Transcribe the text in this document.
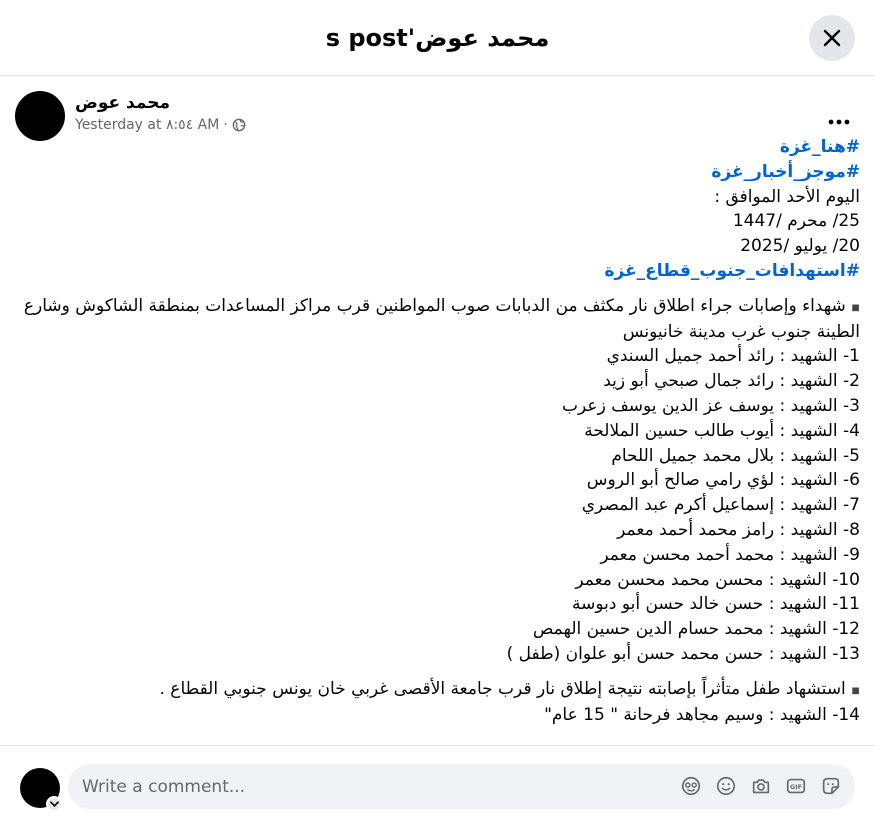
محمد عوض's post
محمد عوض
Yesterday at ٨:٥٤ AM ·
#هنا_غزة
#موجز_أخبار_غزة
اليوم الأحد الموافق :
25/ محرم /1447
20/ يوليو /2025
#استهدافات_جنوب_قطاع_غزة
◾ شهداء وإصابات جراء اطلاق نار مكثف من الدبابات صوب المواطنين قرب مراكز المساعدات بمنطقة الشاكوش وشارع الطينة جنوب غرب مدينة خانيونس
1- الشهيد : رائد أحمد جميل السندي
2- الشهيد : رائد جمال صبحي أبو زيد
3- الشهيد : يوسف عز الدين يوسف زعرب
4- الشهيد : أيوب طالب حسين الملالحة
5- الشهيد : بلال محمد جميل اللحام
6- الشهيد : لؤي رامي صالح أبو الروس
7- الشهيد : إسماعيل أكرم عبد المصري
8- الشهيد : رامز محمد أحمد معمر
9- الشهيد : محمد أحمد محسن معمر
10- الشهيد : محسن محمد محسن معمر
11- الشهيد : حسن خالد حسن أبو دبوسة
12- الشهيد : محمد حسام الدين حسين الهمص
13- الشهيد : حسن محمد حسن أبو علوان (طفل )
◾ استشهاد طفل متأثراً بإصابته نتيجة إطلاق نار قرب جامعة الأقصى غربي خان يونس جنوبي القطاع .
14- الشهيد : وسيم مجاهد فرحانة " 15 عام"
Write a comment...	GIF
